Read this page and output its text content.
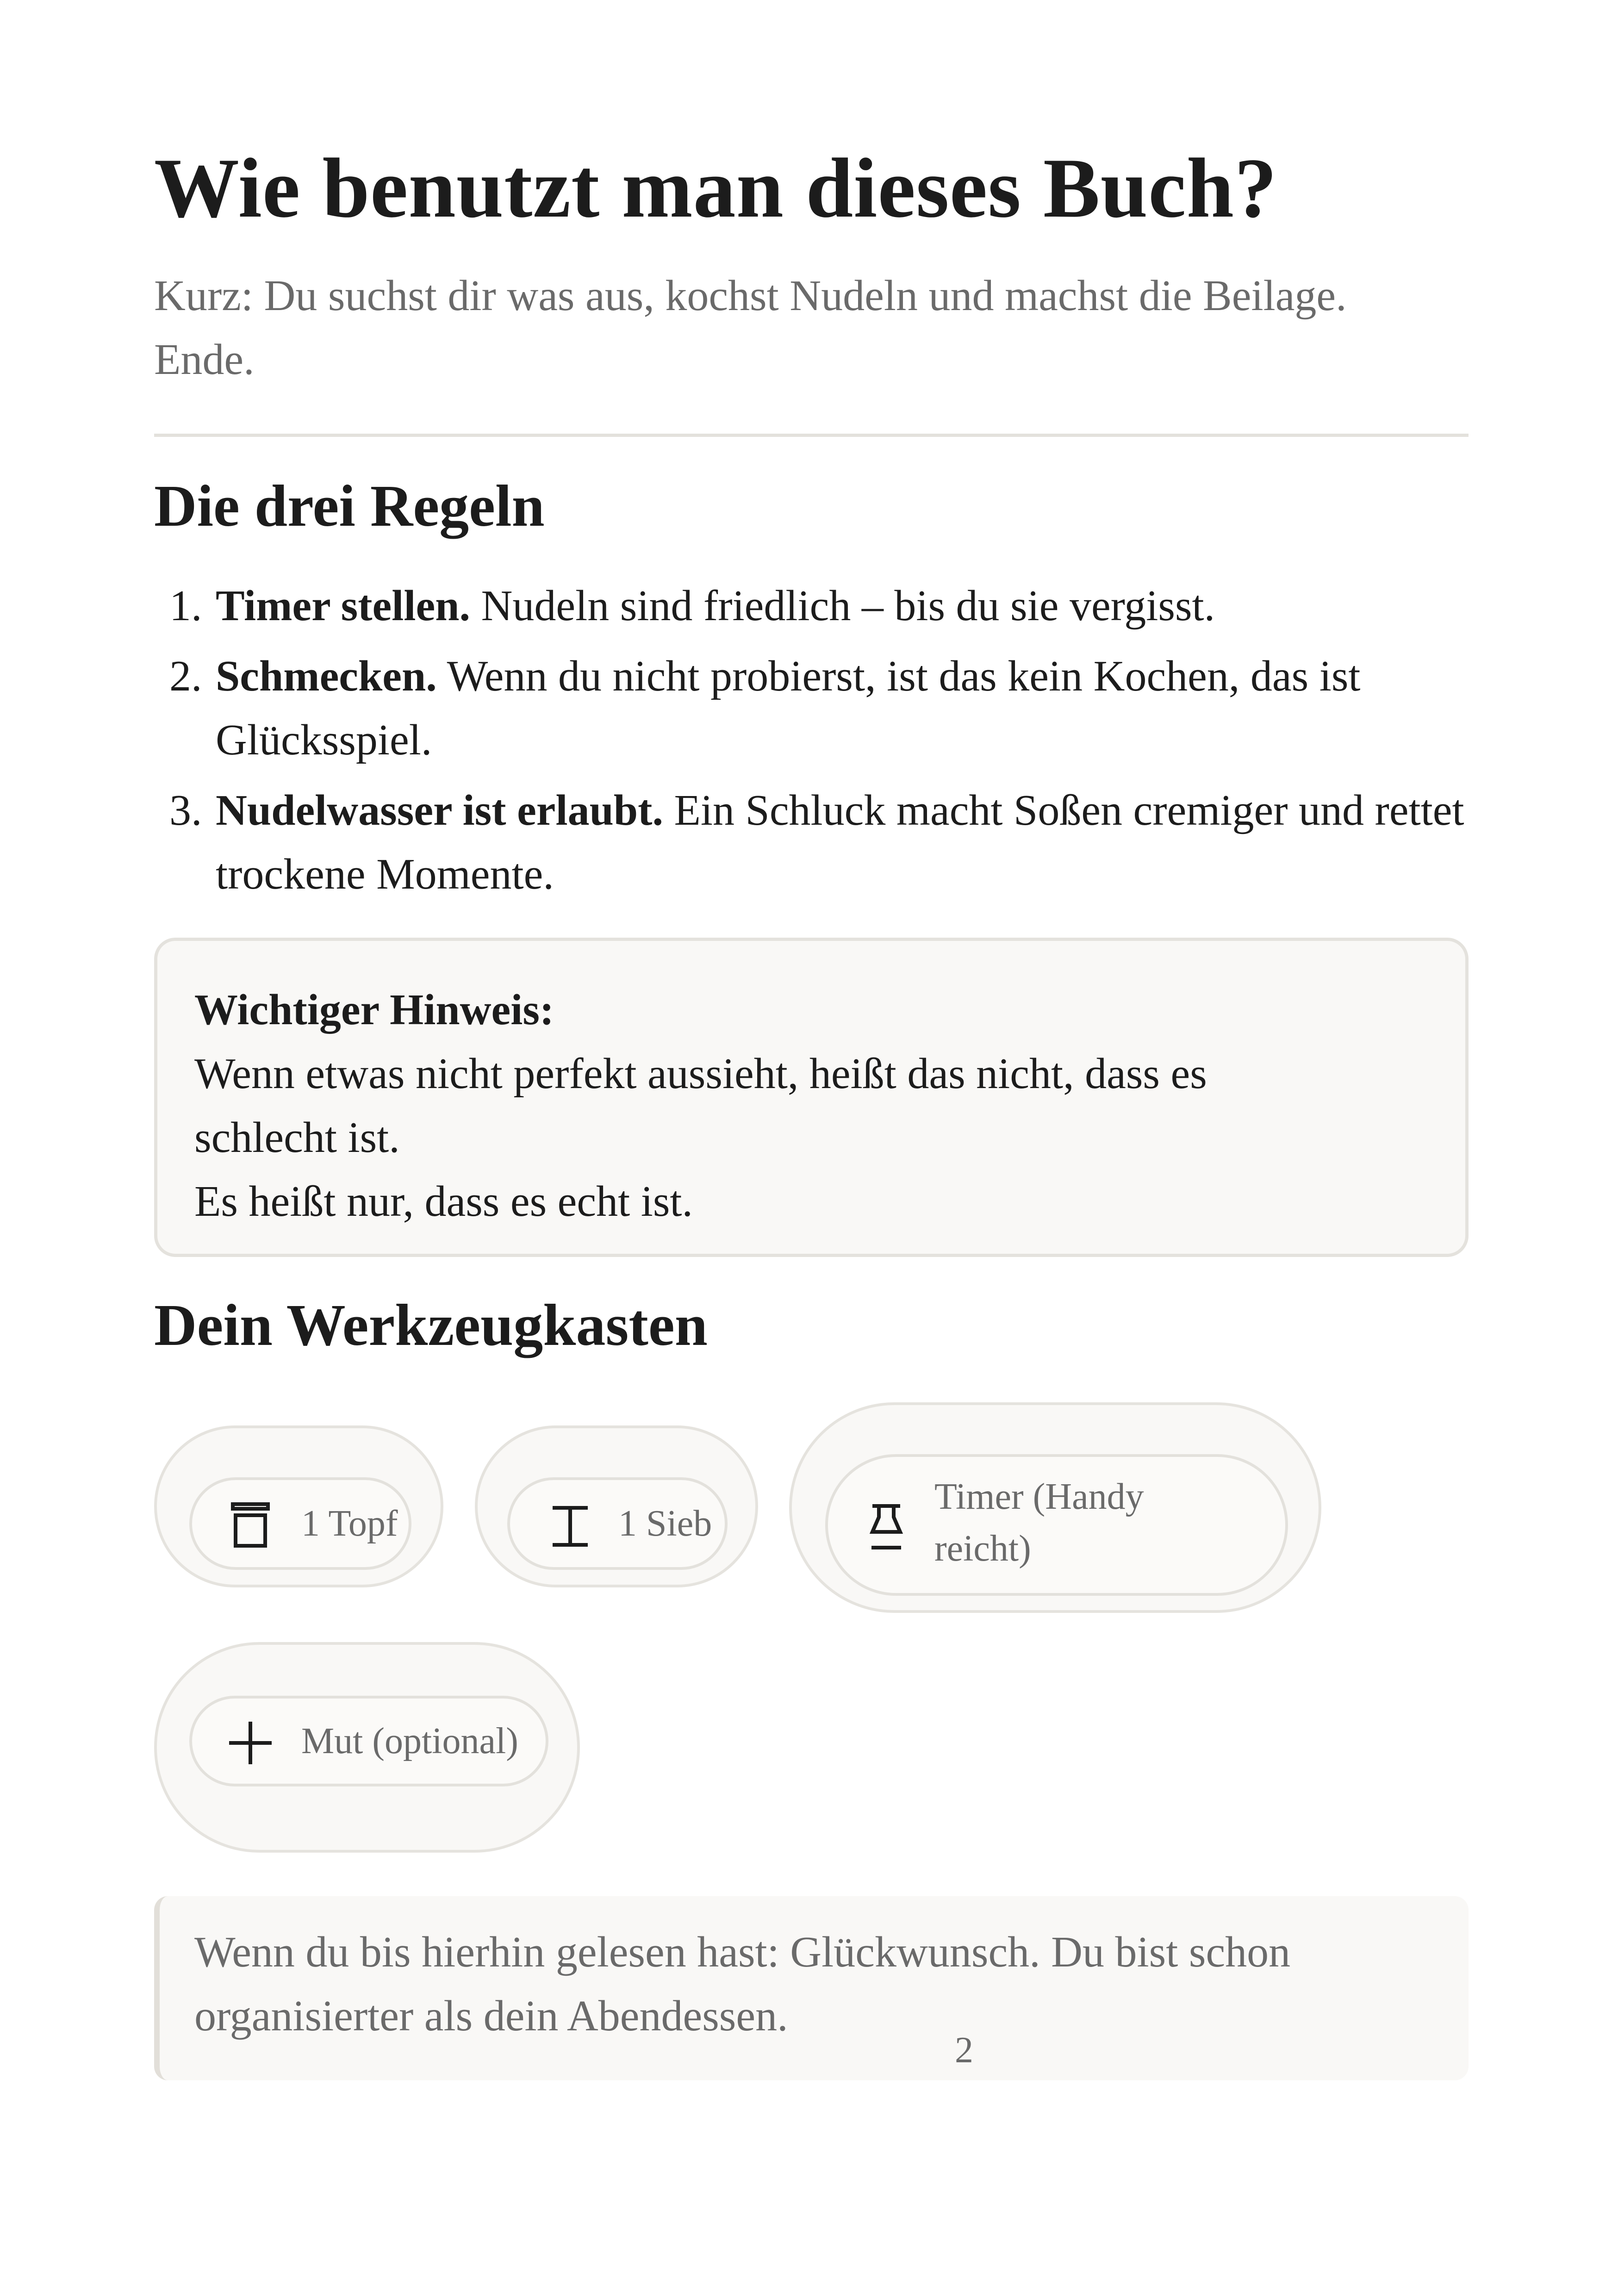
Wie benutzt man dieses Buch?

Kurz: Du suchst dir was aus, kochst Nudeln und machst die Beilage. Ende.

Die drei Regeln
1. Timer stellen. Nudeln sind friedlich – bis du sie vergisst.
2. Schmecken. Wenn du nicht probierst, ist das kein Kochen, das ist Glücksspiel.
3. Nudelwasser ist erlaubt. Ein Schluck macht Soßen cremiger und rettet trockene Momente.
Wichtiger Hinweis:
Wenn etwas nicht perfekt aussieht, heißt das nicht, dass es schlecht ist.
Es heißt nur, dass es echt ist.
Dein Werkzeugkasten
1 Topf	1 Sieb
Timer (Handy reicht)
Mut (optional)
Wenn du bis hierhin gelesen hast: Glückwunsch. Du bist schon organisierter als dein Abendessen.
2
